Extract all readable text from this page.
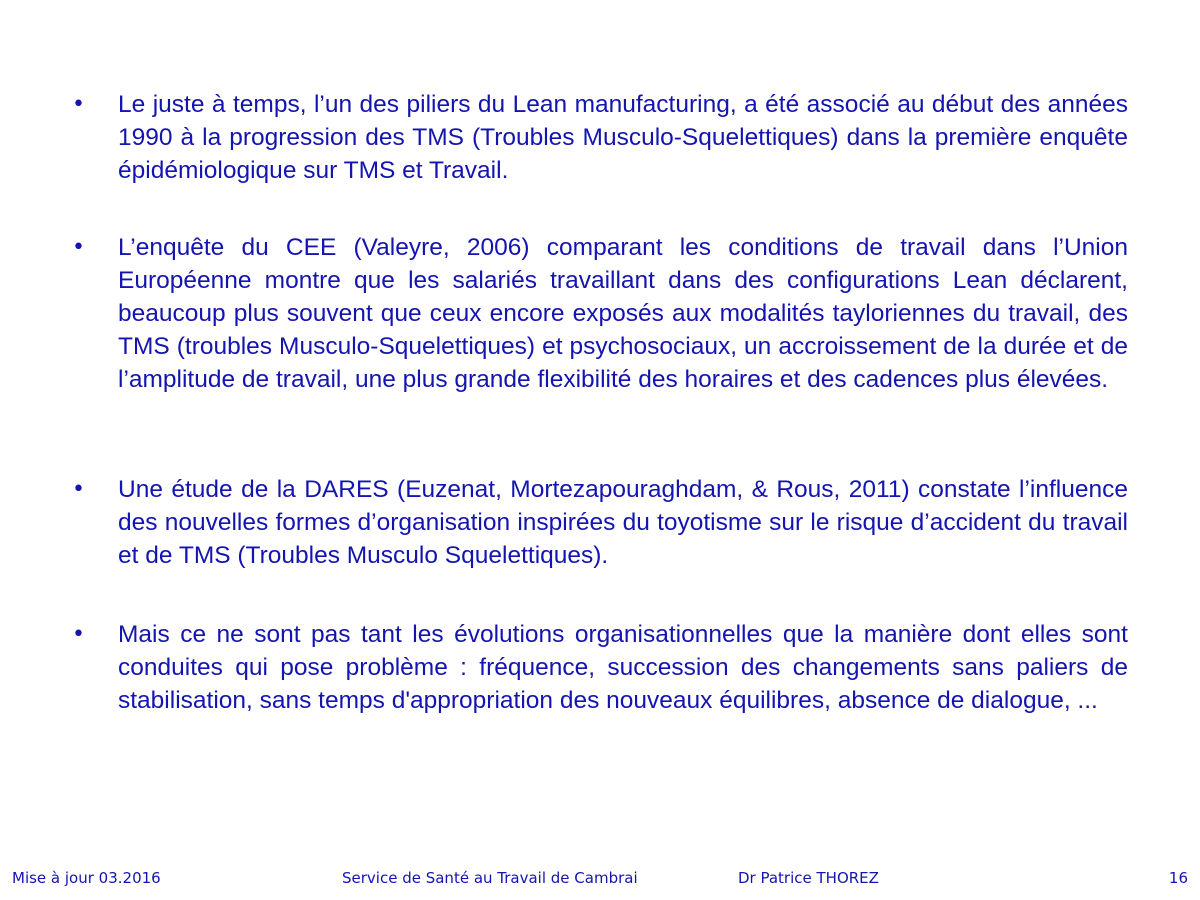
• Le juste à temps, l’un des piliers du Lean manufacturing, a été associé au début des années 1990 à la progression des TMS (Troubles Musculo-Squelettiques) dans la première enquête épidémiologique sur TMS et Travail.
• L’enquête du CEE (Valeyre, 2006) comparant les conditions de travail dans l’Union Européenne montre que les salariés travaillant dans des configurations Lean déclarent, beaucoup plus souvent que ceux encore exposés aux modalités tayloriennes du travail, des TMS (troubles Musculo-Squelettiques) et psychosociaux, un accroissement de la durée et de l’amplitude de travail, une plus grande flexibilité des horaires et des cadences plus élevées.
• Une étude de la DARES (Euzenat, Mortezapouraghdam, & Rous, 2011) constate l’influence des nouvelles formes d’organisation inspirées du toyotisme sur le risque d’accident du travail et de TMS (Troubles Musculo Squelettiques).
• Mais ce ne sont pas tant les évolutions organisationnelles que la manière dont elles sont conduites qui pose problème : fréquence, succession des changements sans paliers de stabilisation, sans temps d'appropriation des nouveaux équilibres, absence de dialogue, ...
Mise à jour 03.2016	Service de Santé au Travail de Cambrai	Dr Patrice THOREZ	16
